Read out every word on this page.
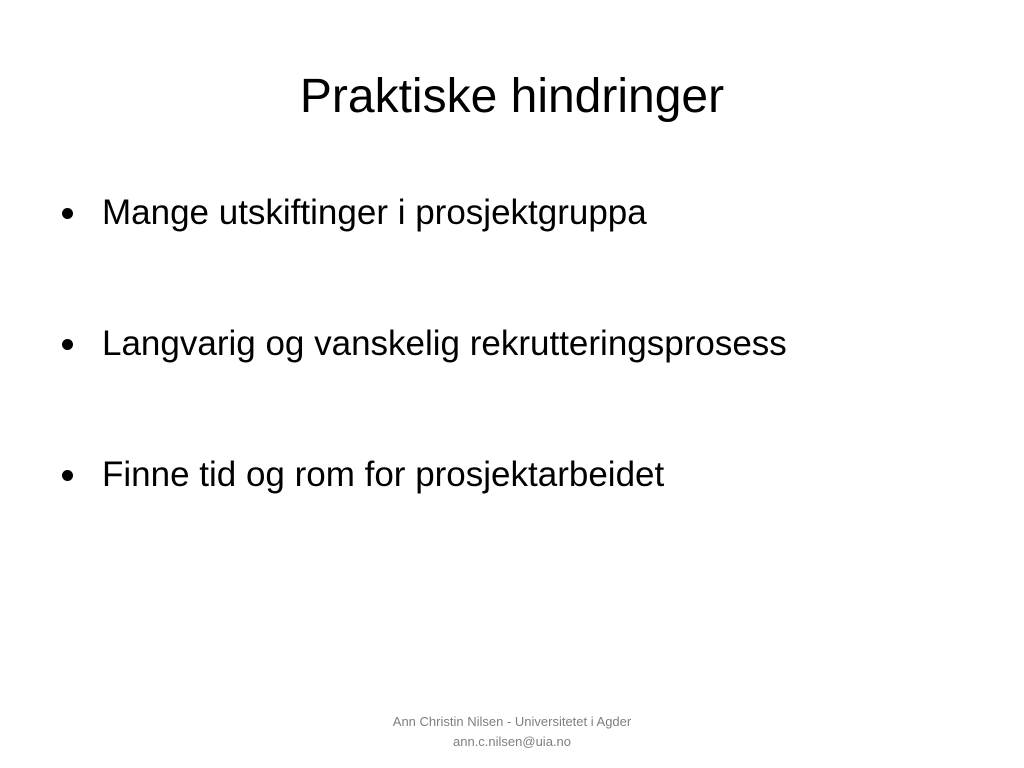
Praktiske hindringer
Mange utskiftinger i prosjektgruppa
Langvarig og vanskelig rekrutteringsprosess
Finne tid og rom for prosjektarbeidet
Ann Christin Nilsen - Universitetet i Agder
ann.c.nilsen@uia.no
